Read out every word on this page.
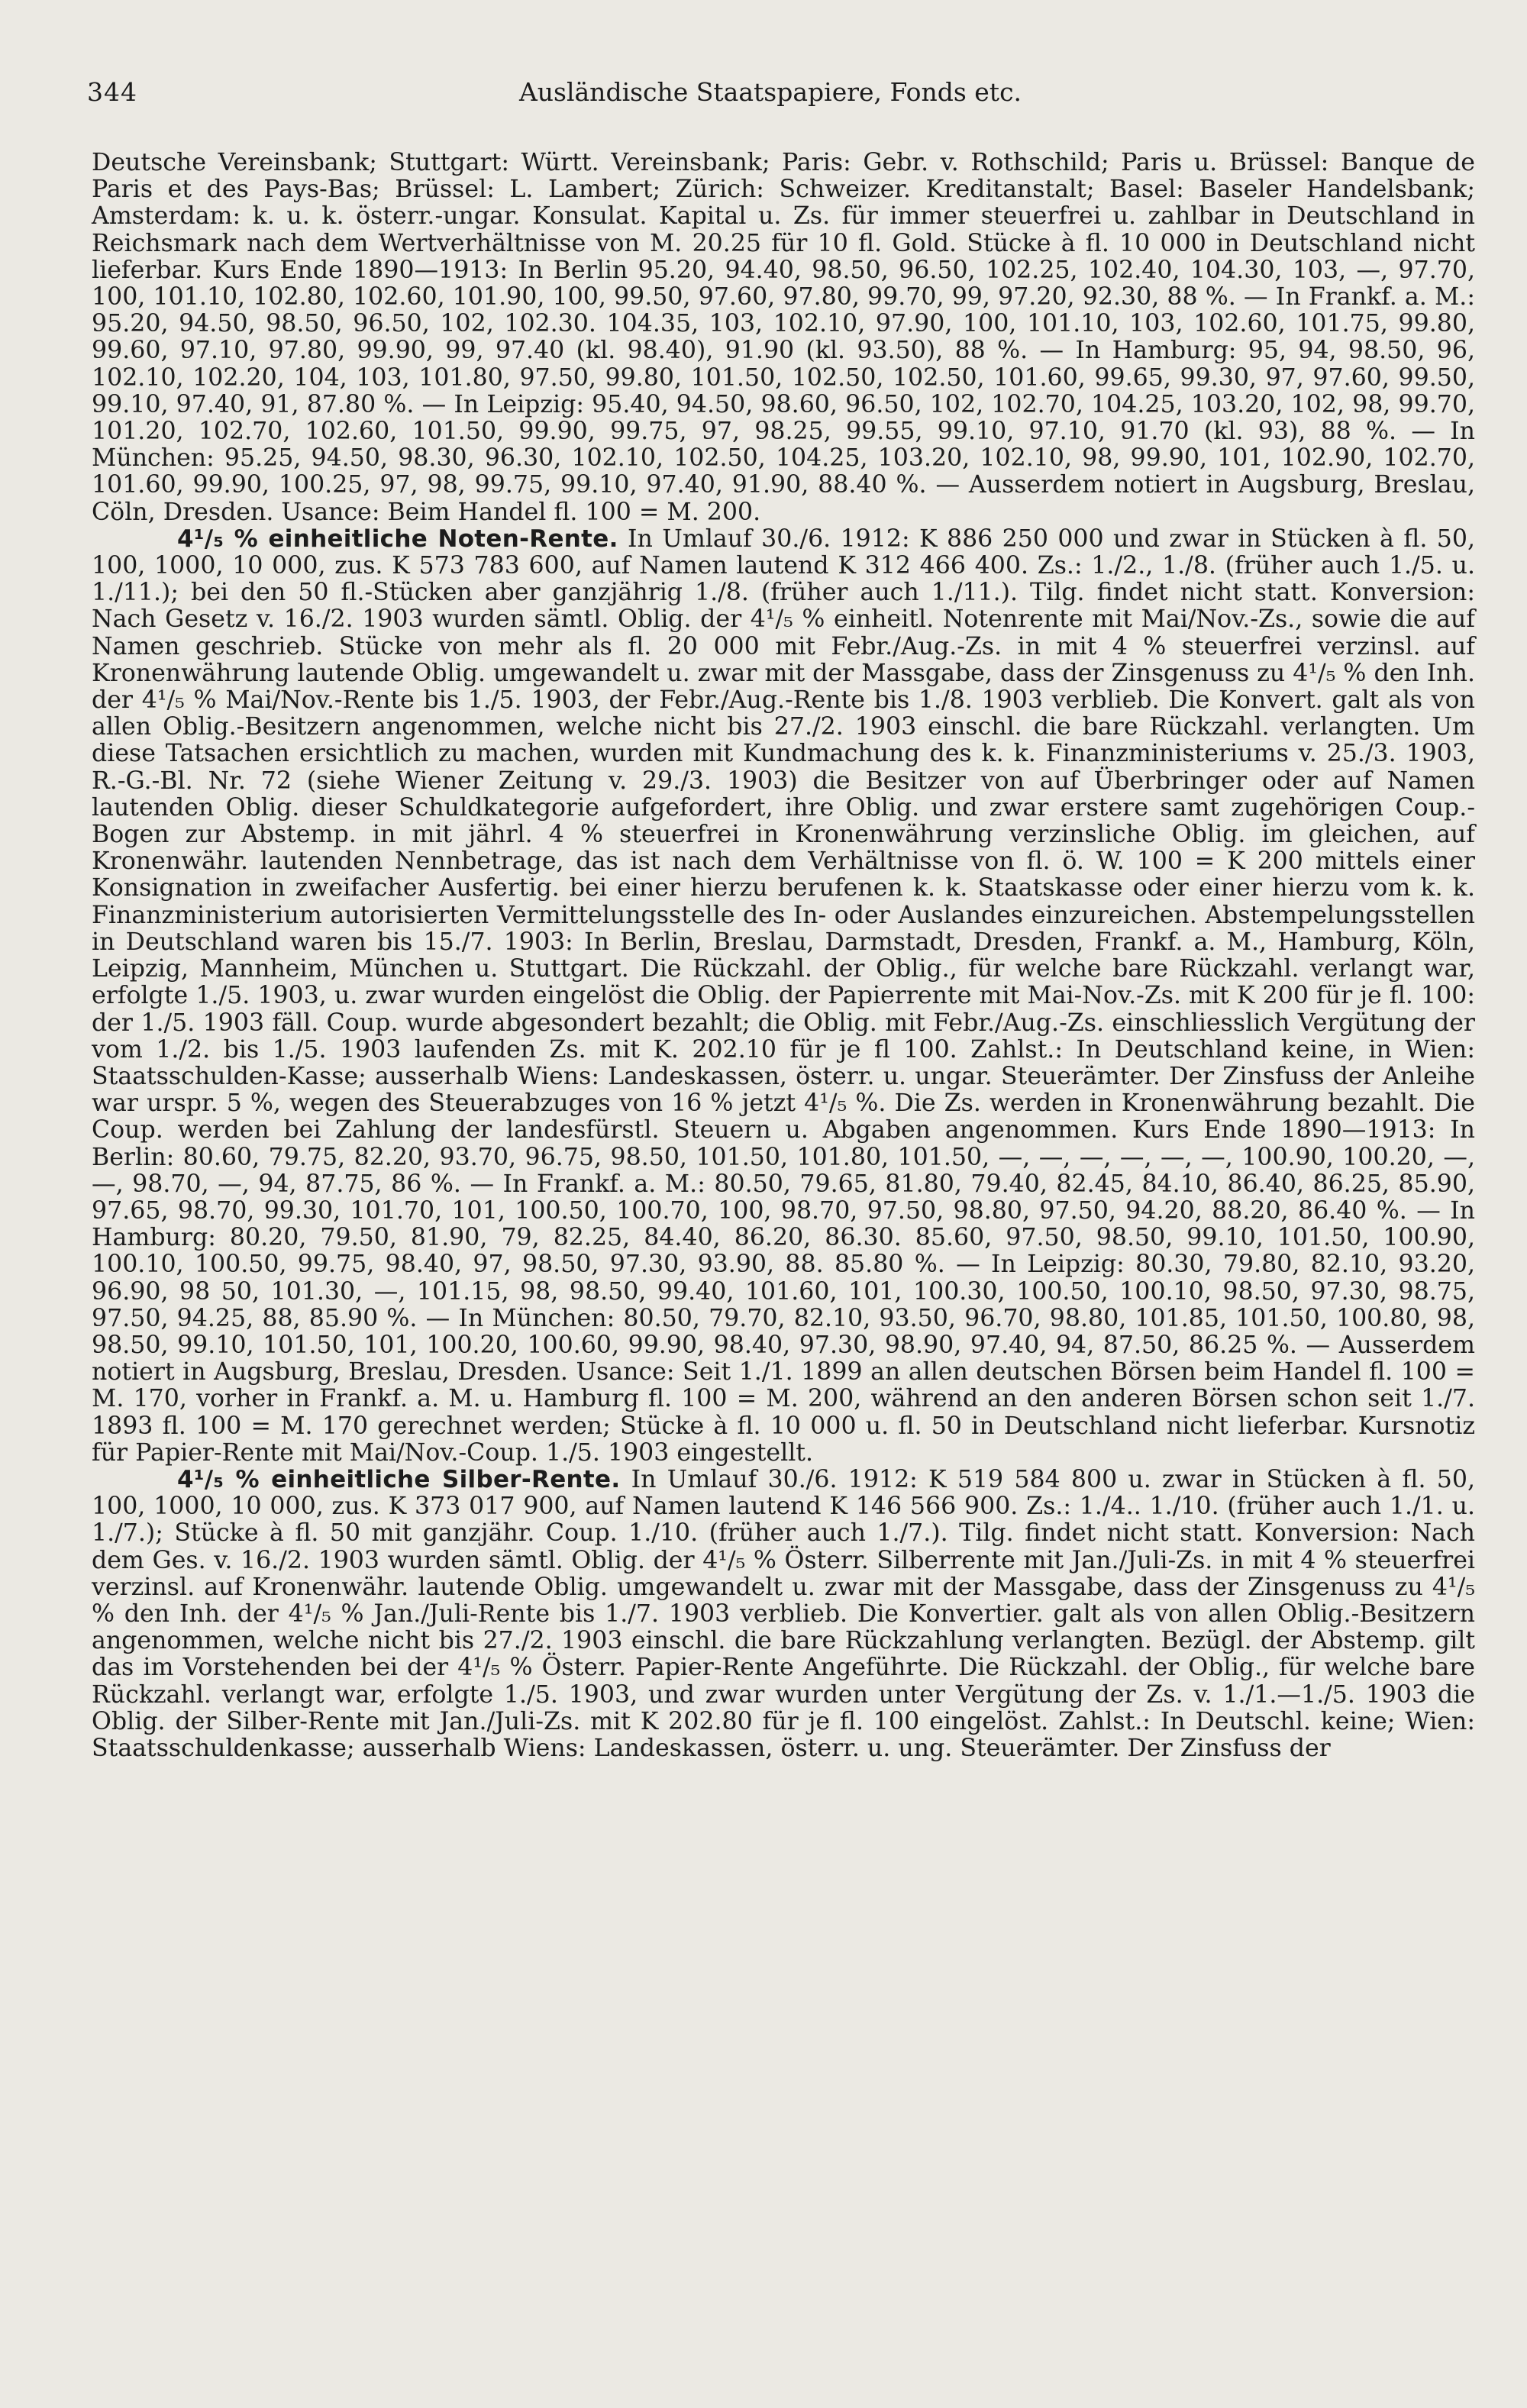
344	Ausländische Staatspapiere, Fonds etc.

Deutsche Vereinsbank; Stuttgart: Württ. Vereinsbank; Paris: Gebr. v. Rothschild; Paris u. Brüssel: Banque de Paris et des Pays-Bas; Brüssel: L. Lambert; Zürich: Schweizer. Kreditanstalt; Basel: Baseler Handelsbank; Amsterdam: k. u. k. österr.-ungar. Konsulat. Kapital u. Zs. für immer steuerfrei u. zahlbar in Deutschland in Reichsmark nach dem Wertverhältnisse von M. 20.25 für 10 fl. Gold. Stücke à fl. 10 000 in Deutschland nicht lieferbar. Kurs Ende 1890—1913: In Berlin 95.20, 94.40, 98.50, 96.50, 102.25, 102.40, 104.30, 103, —, 97.70, 100, 101.10, 102.80, 102.60, 101.90, 100, 99.50, 97.60, 97.80, 99.70, 99, 97.20, 92.30, 88 %. — In Frankf. a. M.: 95.20, 94.50, 98.50, 96.50, 102, 102.30. 104.35, 103, 102.10, 97.90, 100, 101.10, 103, 102.60, 101.75, 99.80, 99.60, 97.10, 97.80, 99.90, 99, 97.40 (kl. 98.40), 91.90 (kl. 93.50), 88 %. — In Hamburg: 95, 94, 98.50, 96, 102.10, 102.20, 104, 103, 101.80, 97.50, 99.80, 101.50, 102.50, 102.50, 101.60, 99.65, 99.30, 97, 97.60, 99.50, 99.10, 97.40, 91, 87.80 %. — In Leipzig: 95.40, 94.50, 98.60, 96.50, 102, 102.70, 104.25, 103.20, 102, 98, 99.70, 101.20, 102.70, 102.60, 101.50, 99.90, 99.75, 97, 98.25, 99.55, 99.10, 97.10, 91.70 (kl. 93), 88 %. — In München: 95.25, 94.50, 98.30, 96.30, 102.10, 102.50, 104.25, 103.20, 102.10, 98, 99.90, 101, 102.90, 102.70, 101.60, 99.90, 100.25, 97, 98, 99.75, 99.10, 97.40, 91.90, 88.40 %. — Ausserdem notiert in Augsburg, Breslau, Cöln, Dresden. Usance: Beim Handel fl. 100 = M. 200.

4¹/₅ % einheitliche Noten-Rente. In Umlauf 30./6. 1912: K 886 250 000 und zwar in Stücken à fl. 50, 100, 1000, 10 000, zus. K 573 783 600, auf Namen lautend K 312 466 400. Zs.: 1./2., 1./8. (früher auch 1./5. u. 1./11.); bei den 50 fl.-Stücken aber ganzjährig 1./8. (früher auch 1./11.). Tilg. findet nicht statt. Konversion: Nach Gesetz v. 16./2. 1903 wurden sämtl. Oblig. der 4¹/₅ % einheitl. Notenrente mit Mai/Nov.-Zs., sowie die auf Namen geschrieb. Stücke von mehr als fl. 20 000 mit Febr./Aug.-Zs. in mit 4 % steuerfrei verzinsl. auf Kronenwährung lautende Oblig. umgewandelt u. zwar mit der Massgabe, dass der Zinsgenuss zu 4¹/₅ % den Inh. der 4¹/₅ % Mai/Nov.-Rente bis 1./5. 1903, der Febr./Aug.-Rente bis 1./8. 1903 verblieb. Die Konvert. galt als von allen Oblig.-Besitzern angenommen, welche nicht bis 27./2. 1903 einschl. die bare Rückzahl. verlangten. Um diese Tatsachen ersichtlich zu machen, wurden mit Kundmachung des k. k. Finanzministeriums v. 25./3. 1903, R.-G.-Bl. Nr. 72 (siehe Wiener Zeitung v. 29./3. 1903) die Besitzer von auf Überbringer oder auf Namen lautenden Oblig. dieser Schuldkategorie aufgefordert, ihre Oblig. und zwar erstere samt zugehörigen Coup.-Bogen zur Abstemp. in mit jährl. 4 % steuerfrei in Kronenwährung verzinsliche Oblig. im gleichen, auf Kronenwähr. lautenden Nennbetrage, das ist nach dem Verhältnisse von fl. ö. W. 100 = K 200 mittels einer Konsignation in zweifacher Ausfertig. bei einer hierzu berufenen k. k. Staatskasse oder einer hierzu vom k. k. Finanzministerium autorisierten Vermittelungsstelle des In- oder Auslandes einzureichen. Abstempelungsstellen in Deutschland waren bis 15./7. 1903: In Berlin, Breslau, Darmstadt, Dresden, Frankf. a. M., Hamburg, Köln, Leipzig, Mannheim, München u. Stuttgart. Die Rückzahl. der Oblig., für welche bare Rückzahl. verlangt war, erfolgte 1./5. 1903, u. zwar wurden eingelöst die Oblig. der Papierrente mit Mai-Nov.-Zs. mit K 200 für je fl. 100: der 1./5. 1903 fäll. Coup. wurde abgesondert bezahlt; die Oblig. mit Febr./Aug.-Zs. einschliesslich Vergütung der vom 1./2. bis 1./5. 1903 laufenden Zs. mit K. 202.10 für je fl 100. Zahlst.: In Deutschland keine, in Wien: Staatsschulden-Kasse; ausserhalb Wiens: Landeskassen, österr. u. ungar. Steuerämter. Der Zinsfuss der Anleihe war urspr. 5 %, wegen des Steuerabzuges von 16 % jetzt 4¹/₅ %. Die Zs. werden in Kronenwährung bezahlt. Die Coup. werden bei Zahlung der landesfürstl. Steuern u. Abgaben angenommen. Kurs Ende 1890—1913: In Berlin: 80.60, 79.75, 82.20, 93.70, 96.75, 98.50, 101.50, 101.80, 101.50, —, —, —, —, —, —, 100.90, 100.20, —, —, 98.70, —, 94, 87.75, 86 %. — In Frankf. a. M.: 80.50, 79.65, 81.80, 79.40, 82.45, 84.10, 86.40, 86.25, 85.90, 97.65, 98.70, 99.30, 101.70, 101, 100.50, 100.70, 100, 98.70, 97.50, 98.80, 97.50, 94.20, 88.20, 86.40 %. — In Hamburg: 80.20, 79.50, 81.90, 79, 82.25, 84.40, 86.20, 86.30. 85.60, 97.50, 98.50, 99.10, 101.50, 100.90, 100.10, 100.50, 99.75, 98.40, 97, 98.50, 97.30, 93.90, 88. 85.80 %. — In Leipzig: 80.30, 79.80, 82.10, 93.20, 96.90, 98 50, 101.30, —, 101.15, 98, 98.50, 99.40, 101.60, 101, 100.30, 100.50, 100.10, 98.50, 97.30, 98.75, 97.50, 94.25, 88, 85.90 %. — In München: 80.50, 79.70, 82.10, 93.50, 96.70, 98.80, 101.85, 101.50, 100.80, 98, 98.50, 99.10, 101.50, 101, 100.20, 100.60, 99.90, 98.40, 97.30, 98.90, 97.40, 94, 87.50, 86.25 %. — Ausserdem notiert in Augsburg, Breslau, Dresden. Usance: Seit 1./1. 1899 an allen deutschen Börsen beim Handel fl. 100 = M. 170, vorher in Frankf. a. M. u. Hamburg fl. 100 = M. 200, während an den anderen Börsen schon seit 1./7. 1893 fl. 100 = M. 170 gerechnet werden; Stücke à fl. 10 000 u. fl. 50 in Deutschland nicht lieferbar. Kursnotiz für Papier-Rente mit Mai/Nov.-Coup. 1./5. 1903 eingestellt.

4¹/₅ % einheitliche Silber-Rente. In Umlauf 30./6. 1912: K 519 584 800 u. zwar in Stücken à fl. 50, 100, 1000, 10 000, zus. K 373 017 900, auf Namen lautend K 146 566 900. Zs.: 1./4.. 1./10. (früher auch 1./1. u. 1./7.); Stücke à fl. 50 mit ganzjähr. Coup. 1./10. (früher auch 1./7.). Tilg. findet nicht statt. Konversion: Nach dem Ges. v. 16./2. 1903 wurden sämtl. Oblig. der 4¹/₅ % Österr. Silberrente mit Jan./Juli-Zs. in mit 4 % steuerfrei verzinsl. auf Kronenwähr. lautende Oblig. umgewandelt u. zwar mit der Massgabe, dass der Zinsgenuss zu 4¹/₅ % den Inh. der 4¹/₅ % Jan./Juli-Rente bis 1./7. 1903 verblieb. Die Konvertier. galt als von allen Oblig.-Besitzern angenommen, welche nicht bis 27./2. 1903 einschl. die bare Rückzahlung verlangten. Bezügl. der Abstemp. gilt das im Vorstehenden bei der 4¹/₅ % Österr. Papier-Rente Angeführte. Die Rückzahl. der Oblig., für welche bare Rückzahl. verlangt war, erfolgte 1./5. 1903, und zwar wurden unter Vergütung der Zs. v. 1./1.—1./5. 1903 die Oblig. der Silber-Rente mit Jan./Juli-Zs. mit K 202.80 für je fl. 100 eingelöst. Zahlst.: In Deutschl. keine; Wien: Staatsschuldenkasse; ausserhalb Wiens: Landeskassen, österr. u. ung. Steuerämter. Der Zinsfuss der
